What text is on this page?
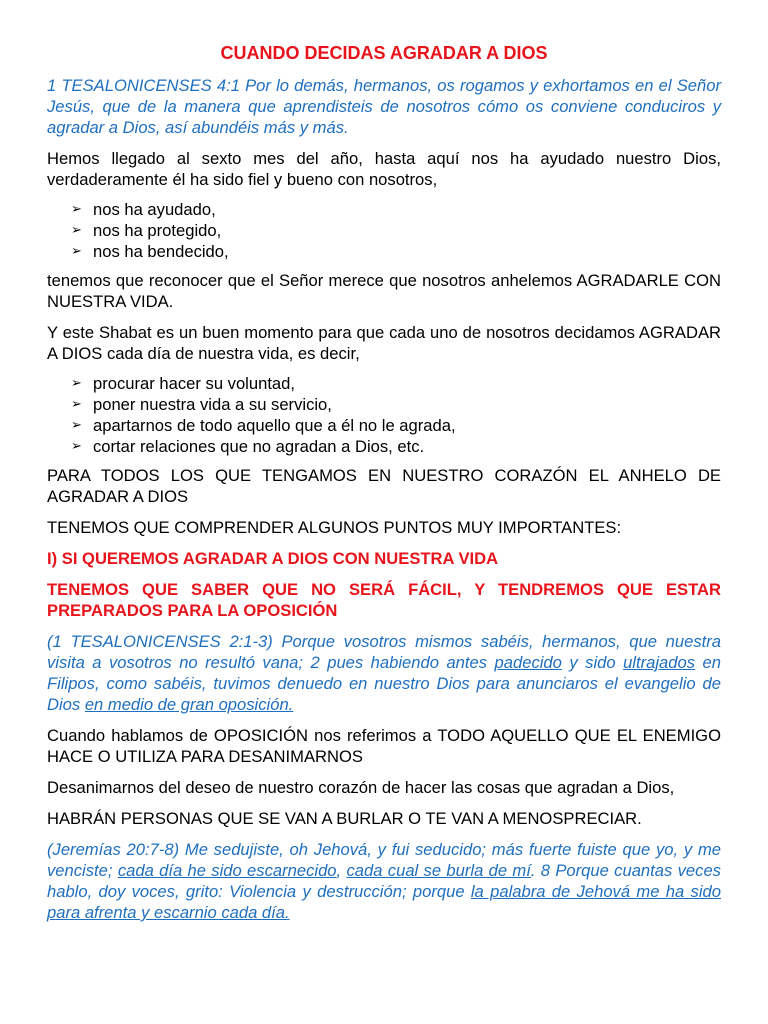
CUANDO DECIDAS AGRADAR A DIOS

1 TESALONICENSES 4:1 Por lo demás, hermanos, os rogamos y exhortamos en el Señor Jesús, que de la manera que aprendisteis de nosotros cómo os conviene conduciros y agradar a Dios, así abundéis más y más.

Hemos llegado al sexto mes del año, hasta aquí nos ha ayudado nuestro Dios, verdaderamente él ha sido fiel y bueno con nosotros,

➢ nos ha ayudado,
➢ nos ha protegido,
➢ nos ha bendecido,

tenemos que reconocer que el Señor merece que nosotros anhelemos AGRADARLE CON NUESTRA VIDA.

Y este Shabat es un buen momento para que cada uno de nosotros decidamos AGRADAR A DIOS cada día de nuestra vida, es decir,

➢ procurar hacer su voluntad,
➢ poner nuestra vida a su servicio,
➢ apartarnos de todo aquello que a él no le agrada,
➢ cortar relaciones que no agradan a Dios, etc.

PARA TODOS LOS QUE TENGAMOS EN NUESTRO CORAZÓN EL ANHELO DE AGRADAR A DIOS

TENEMOS QUE COMPRENDER ALGUNOS PUNTOS MUY IMPORTANTES:

I) SI QUEREMOS AGRADAR A DIOS CON NUESTRA VIDA

TENEMOS QUE SABER QUE NO SERÁ FÁCIL, Y TENDREMOS QUE ESTAR PREPARADOS PARA LA OPOSICIÓN

(1 TESALONICENSES 2:1-3) Porque vosotros mismos sabéis, hermanos, que nuestra visita a vosotros no resultó vana; 2 pues habiendo antes padecido y sido ultrajados en Filipos, como sabéis, tuvimos denuedo en nuestro Dios para anunciaros el evangelio de Dios en medio de gran oposición.

Cuando hablamos de OPOSICIÓN nos referimos a TODO AQUELLO QUE EL ENEMIGO HACE O UTILIZA PARA DESANIMARNOS

Desanimarnos del deseo de nuestro corazón de hacer las cosas que agradan a Dios,

HABRÁN PERSONAS QUE SE VAN A BURLAR O TE VAN A MENOSPRECIAR.

(Jeremías 20:7-8) Me sedujiste, oh Jehová, y fui seducido; más fuerte fuiste que yo, y me venciste; cada día he sido escarnecido, cada cual se burla de mí. 8 Porque cuantas veces hablo, doy voces, grito: Violencia y destrucción; porque la palabra de Jehová me ha sido para afrenta y escarnio cada día.
